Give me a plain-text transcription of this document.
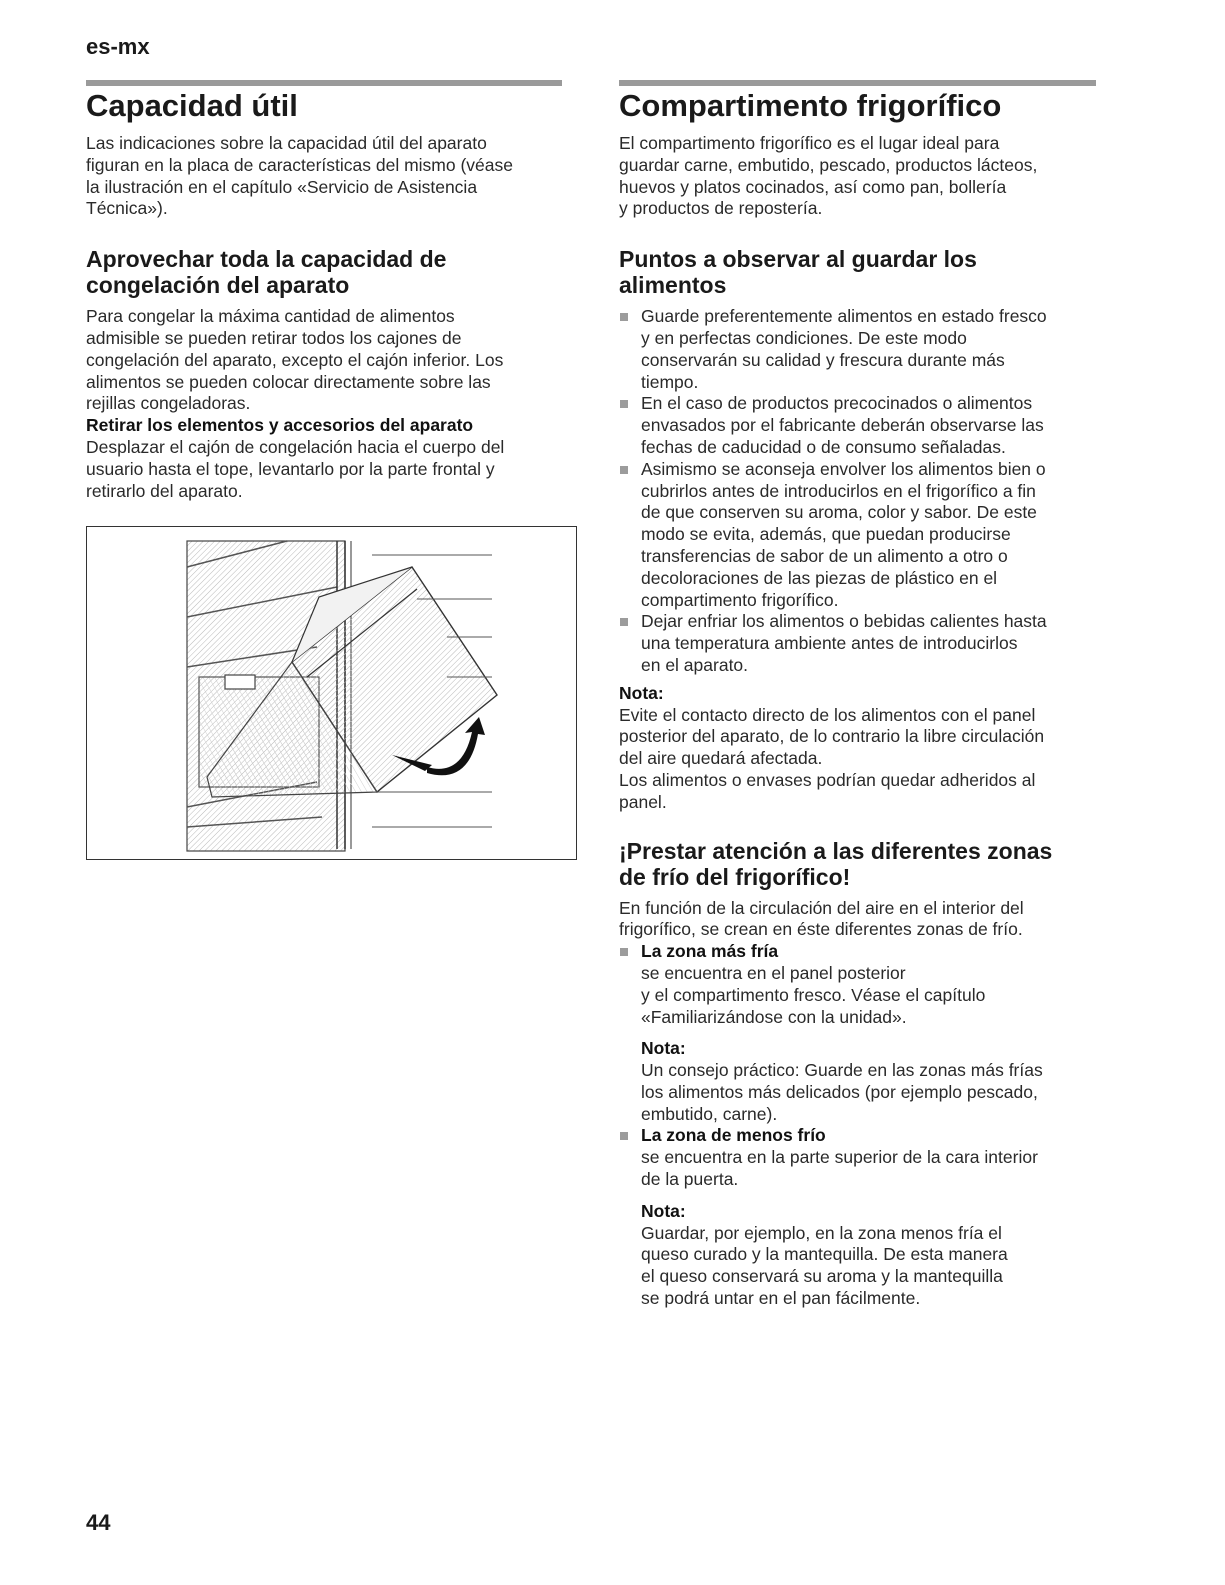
es-mx
Capacidad útil
Las indicaciones sobre la capacidad útil del aparato
figuran en la placa de características del mismo (véase
la ilustración en el capítulo «Servicio de Asistencia
Técnica»).
Aprovechar toda la capacidad de
congelación del aparato
Para congelar la máxima cantidad de alimentos
admisible se pueden retirar todos los cajones de
congelación del aparato, excepto el cajón inferior. Los
alimentos se pueden colocar directamente sobre las
rejillas congeladoras.
Retirar los elementos y accesorios del aparato
Desplazar el cajón de congelación hacia el cuerpo del
usuario hasta el tope, levantarlo por la parte frontal y
retirarlo del aparato.
Compartimento frigorífico
El compartimento frigorífico es el lugar ideal para
guardar carne, embutido, pescado, productos lácteos,
huevos y platos cocinados, así como pan, bollería
y productos de repostería.
Puntos a observar al guardar los
alimentos
Guarde preferentemente alimentos en estado fresco
y en perfectas condiciones. De este modo
conservarán su calidad y frescura durante más
tiempo.
En el caso de productos precocinados o alimentos
envasados por el fabricante deberán observarse las
fechas de caducidad o de consumo señaladas.
Asimismo se aconseja envolver los alimentos bien o
cubrirlos antes de introducirlos en el frigorífico a fin
de que conserven su aroma, color y sabor. De este
modo se evita, además, que puedan producirse
transferencias de sabor de un alimento a otro o
decoloraciones de las piezas de plástico en el
compartimento frigorífico.
Dejar enfriar los alimentos o bebidas calientes hasta
una temperatura ambiente antes de introducirlos
en el aparato.
Nota:
Evite el contacto directo de los alimentos con el panel
posterior del aparato, de lo contrario la libre circulación
del aire quedará afectada.
Los alimentos o envases podrían quedar adheridos al
panel.
¡Prestar atención a las diferentes zonas
de frío del frigorífico!
En función de la circulación del aire en el interior del
frigorífico, se crean en éste diferentes zonas de frío.
La zona más fría
se encuentra en el panel posterior
y el compartimento fresco. Véase el capítulo
«Familiarizándose con la unidad».
Nota:
Un consejo práctico: Guarde en las zonas más frías
los alimentos más delicados (por ejemplo pescado,
embutido, carne).
La zona de menos frío
se encuentra en la parte superior de la cara interior
de la puerta.
Nota:
Guardar, por ejemplo, en la zona menos fría el
queso curado y la mantequilla. De esta manera
el queso conservará su aroma y la mantequilla
se podrá untar en el pan fácilmente.
44
